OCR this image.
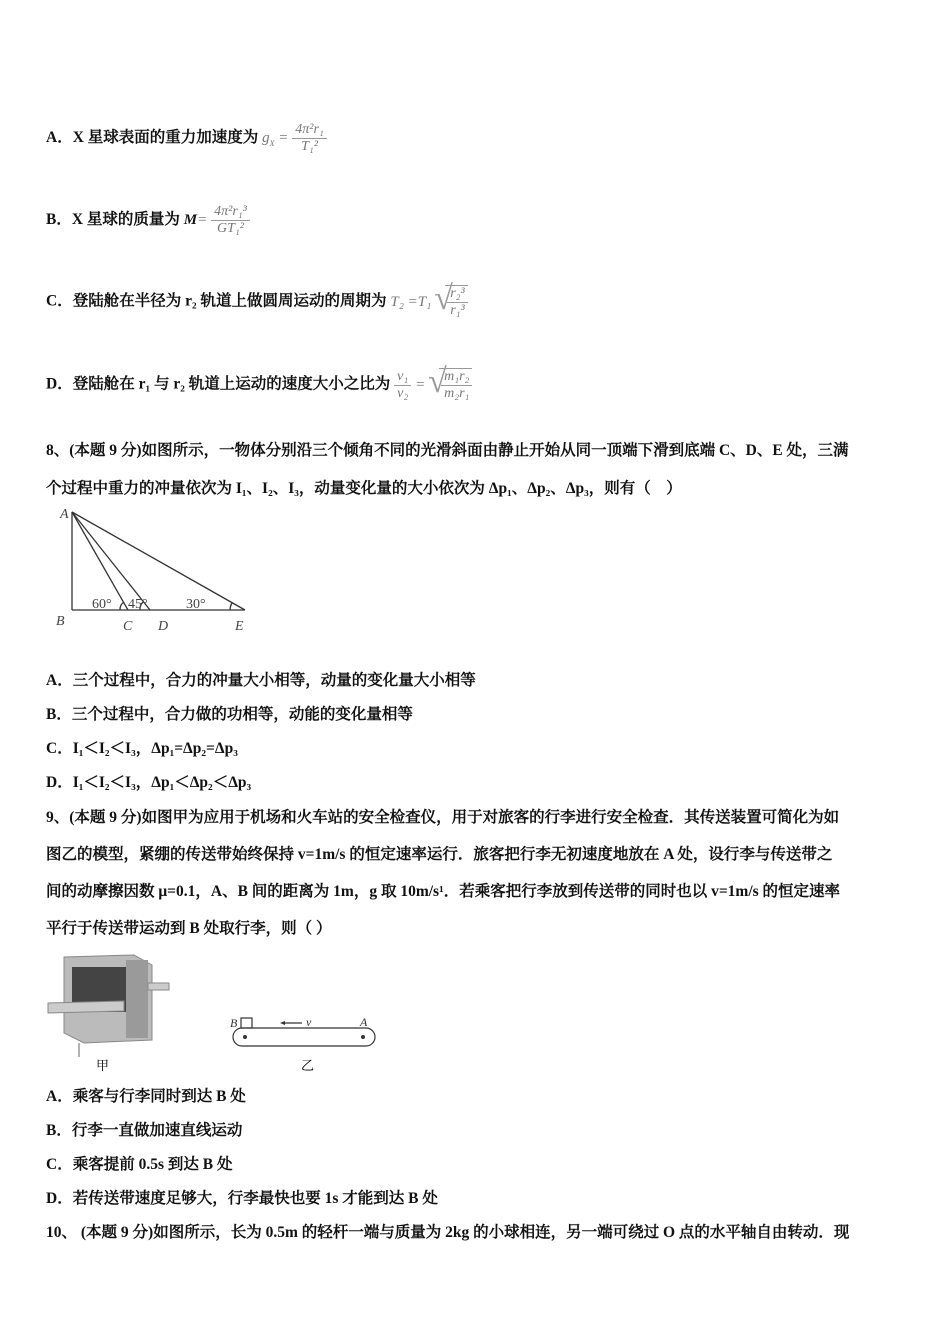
A．X 星球表面的重力加速度为 $g_X = \frac{\text{4π²r₁}}{\text{T₁²}}$
B．X 星球的质量为 $M= \frac{\text{4π²r₁³}}{\text{GT₁²}}$
C．登陆舱在半径为 r₂ 轨道上做圆周运动的周期为 T₂ =T₁ √ $\frac{\text{r₂³}}{\text{r₁³}}$
D．登陆舱在 r₁ 与 r₂ 轨道上运动的速度大小之比为 $\frac{\text{v₁}}{\text{v₂}}$ = √ $\frac{\text{m₁r₂}}{\text{m₂r₁}}$
8、(本题 9 分)如图所示，一物体分别沿三个倾角不同的光滑斜面由静止开始从同一顶端下滑到底端 C、D、E 处，三满
个过程中重力的冲量依次为 I₁、I₂、I₃，动量变化量的大小依次为 Δp₁、Δp₂、Δp₃，则有（　）
A
B	C D	E
60° 45°	30°
A．三个过程中，合力的冲量大小相等，动量的变化量大小相等
B．三个过程中，合力做的功相等，动能的变化量相等
C．I₁＜I₂＜I₃，Δp₁=Δp₂=Δp₃
D．I₁＜I₂＜I₃，Δp₁＜Δp₂＜Δp₃
9、(本题 9 分)如图甲为应用于机场和火车站的安全检查仪，用于对旅客的行李进行安全检查．其传送装置可简化为如
图乙的模型，紧绷的传送带始终保持 v=1m/s 的恒定速率运行．旅客把行李无初速度地放在 A 处，设行李与传送带之
间的动摩擦因数 μ=0.1，A、B 间的距离为 1m，g 取 10m/s¹．若乘客把行李放到传送带的同时也以 v=1m/s 的恒定速率
平行于传送带运动到 B 处取行李，则（ ）
甲
B	A
v
乙
A．乘客与行李同时到达 B 处
B．行李一直做加速直线运动
C．乘客提前 0.5s 到达 B 处
D．若传送带速度足够大，行李最快也要 1s 才能到达 B 处
10、 (本题 9 分)如图所示，长为 0.5m 的轻杆一端与质量为 2kg 的小球相连，另一端可绕过 O 点的水平轴自由转动．现
